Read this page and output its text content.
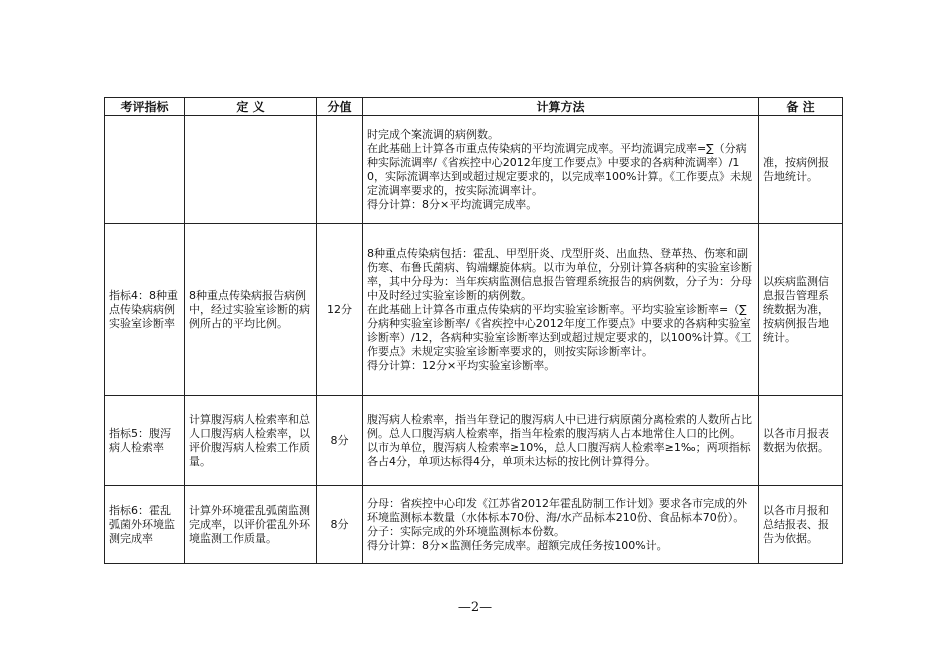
考评指标	定 义	分值	计算方法	备 注

			时完成个案流调的病例数。
在此基础上计算各市重点传染病的平均流调完成率。平均流调完成率=∑（分病种实际流调率/《省疾控中心2012年度工作要点》中要求的各病种流调率）/10，实际流调率达到或超过规定要求的，以完成率100%计算。《工作要点》未规定流调率要求的，按实际流调率计。
得分计算：8分×平均流调完成率。	准，按病例报告地统计。
指标4：8种重点传染病病例实验室诊断率	8种重点传染病报告病例中，经过实验室诊断的病例所占的平均比例。	12分	8种重点传染病包括：霍乱、甲型肝炎、戊型肝炎、出血热、登革热、伤寒和副伤寒、布鲁氏菌病、钩端螺旋体病。以市为单位，分别计算各病种的实验室诊断率，其中分母为：当年疾病监测信息报告管理系统报告的病例数，分子为：分母中及时经过实验室诊断的病例数。
在此基础上计算各市重点传染病的平均实验室诊断率。平均实验室诊断率=（∑分病种实验室诊断率/《省疾控中心2012年度工作要点》中要求的各病种实验室诊断率）/12，各病种实验室诊断率达到或超过规定要求的，以100%计算。《工作要点》未规定实验室诊断率要求的，则按实际诊断率计。
得分计算：12分×平均实验室诊断率。	以疾病监测信息报告管理系统数据为准，按病例报告地统计。
指标5：腹泻病人检索率	计算腹泻病人检索率和总人口腹泻病人检索率，以评价腹泻病人检索工作质量。	8分	腹泻病人检索率，指当年登记的腹泻病人中已进行病原菌分离检索的人数所占比例。总人口腹泻病人检索率，指当年检索的腹泻病人占本地常住人口的比例。
以市为单位，腹泻病人检索率≥10%，总人口腹泻病人检索率≥1‰；两项指标各占4分，单项达标得4分，单项未达标的按比例计算得分。	以各市月报表数据为依据。
指标6：霍乱弧菌外环境监测完成率	计算外环境霍乱弧菌监测完成率，以评价霍乱外环境监测工作质量。	8分	分母：省疾控中心印发《江苏省2012年霍乱防制工作计划》要求各市完成的外环境监测标本数量（水体标本70份、海/水产品标本210份、食品标本70份）。
分子：实际完成的外环境监测标本份数。
得分计算：8分×监测任务完成率。超额完成任务按100%计。	以各市月报和总结报表、报告为依据。
—2—
